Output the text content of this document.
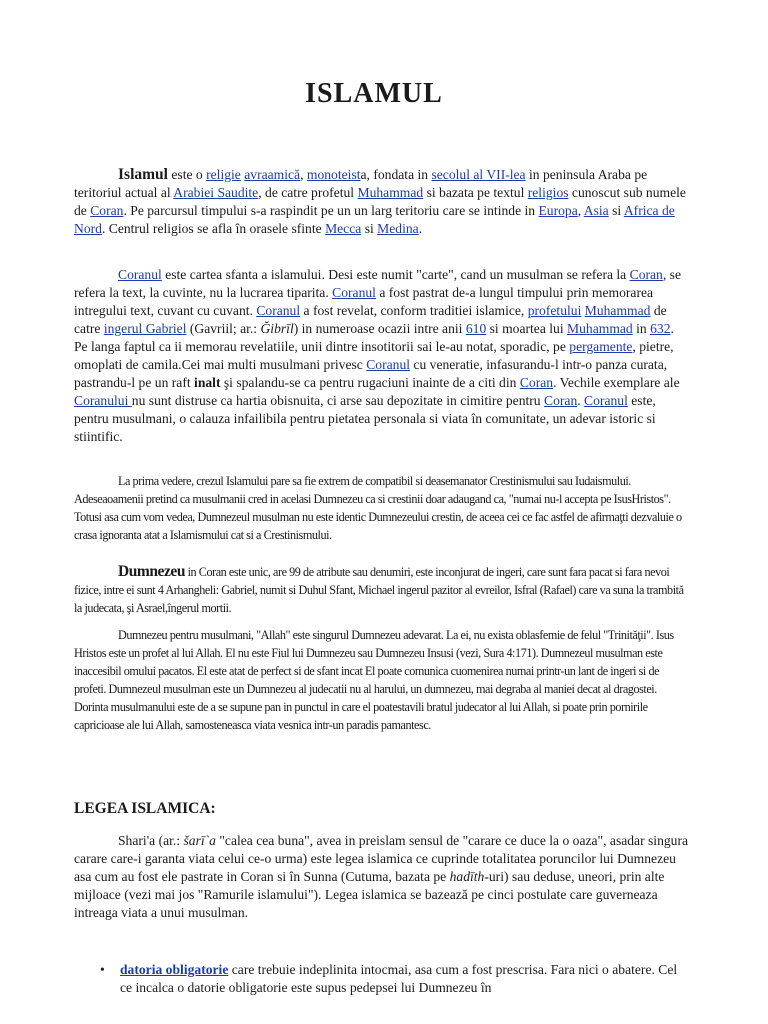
ISLAMUL

Islamul este o religie avraamică, monoteista, fondata in secolul al VII-lea in peninsula Araba pe teritoriul actual al Arabiei Saudite, de catre profetul Muhammad si bazata pe textul religios cunoscut sub numele de Coran. Pe parcursul timpului s-a raspindit pe un un larg teritoriu care se intinde in Europa, Asia si Africa de Nord. Centrul religios se afla în orasele sfinte Mecca si Medina.

Coranul este cartea sfanta a islamului. Desi este numit "carte", cand un musulman se refera la Coran, se refera la text, la cuvinte, nu la lucrarea tiparita. Coranul a fost pastrat de-a lungul timpului prin memorarea intregului text, cuvant cu cuvant. Coranul a fost revelat, conform traditiei islamice, profetului Muhammad de catre ingerul Gabriel (Gavriil; ar.: Ğibrīl) in numeroase ocazii intre anii 610 si moartea lui Muhammad in 632. Pe langa faptul ca ii memorau revelatiile, unii dintre insotitorii sai le-au notat, sporadic, pe pergamente, pietre, omoplati de camila.Cei mai multi musulmani privesc Coranul cu veneratie, infasurandu-l intr-o panza curata, pastrandu-l pe un raft inalt şi spalandu-se ca pentru rugaciuni inainte de a citi din Coran. Vechile exemplare ale Coranului nu sunt distruse ca hartia obisnuita, ci arse sau depozitate in cimitire pentru Coran. Coranul este, pentru musulmani, o calauza infailibila pentru pietatea personala si viata în comunitate, un adevar istoric si stiintific.

La prima vedere, crezul Islamului pare sa fie extrem de compatibil si deasemanator Crestinismului sau Iudaismului. Adeseaoamenii pretind ca musulmanii cred in acelasi Dumnezeu ca si crestinii doar adaugand ca, "numai nu-l accepta pe IsusHristos". Totusi asa cum vom vedea, Dumnezeul musulman nu este identic Dumnezeului crestin, de aceea cei ce fac astfel de afirmaţti dezvaluie o crasa ignoranta atat a Islamismului cat si a Crestinismului.

Dumnezeu in Coran este unic, are 99 de atribute sau denumiri, este inconjurat de ingeri, care sunt fara pacat si fara nevoi fizice, intre ei sunt 4 Arhangheli: Gabriel, numit si Duhul Sfant, Michael ingerul pazitor al evreilor, Isfral (Rafael) care va suna la trambită la judecata, şi Asrael,îngerul mortii.

Dumnezeu pentru musulmani, "Allah" este singurul Dumnezeu adevarat. La ei, nu exista oblasfemie de felul "Trinităţii". Isus Hristos este un profet al lui Allah. El nu este Fiul lui Dumnezeu sau Dumnezeu Insusi (vezi, Sura 4:171). Dumnezeul musulman este inaccesibil omului pacatos. El este atat de perfect si de sfant incat El poate comunica cuomenirea numai printr-un lant de ingeri si de profeti. Dumnezeul musulman este un Dumnezeu al judecatii nu al harului, un dumnezeu, mai degraba al maniei decat al dragostei. Dorinta musulmanului este de a se supune pan in punctul in care el poatestavili bratul judecator al lui Allah, si poate prin pornirile capricioase ale lui Allah, samosteneasca viata vesnica intr-un paradis pamantesc.

LEGEA ISLAMICA:

Shari'a (ar.: šarī`a "calea cea buna", avea in preislam sensul de "carare ce duce la o oaza", asadar singura carare care-i garanta viata celui ce-o urma) este legea islamica ce cuprinde totalitatea poruncilor lui Dumnezeu asa cum au fost ele pastrate in Coran si în Sunna (Cutuma, bazata pe hadīth-uri) sau deduse, uneori, prin alte mijloace (vezi mai jos "Ramurile islamului"). Legea islamica se bazează pe cinci postulate care guverneaza intreaga viata a unui musulman.

• datoria obligatorie care trebuie indeplinita intocmai, asa cum a fost prescrisa. Fara nici o abatere. Cel ce incalca o datorie obligatorie este supus pedepsei lui Dumnezeu în
